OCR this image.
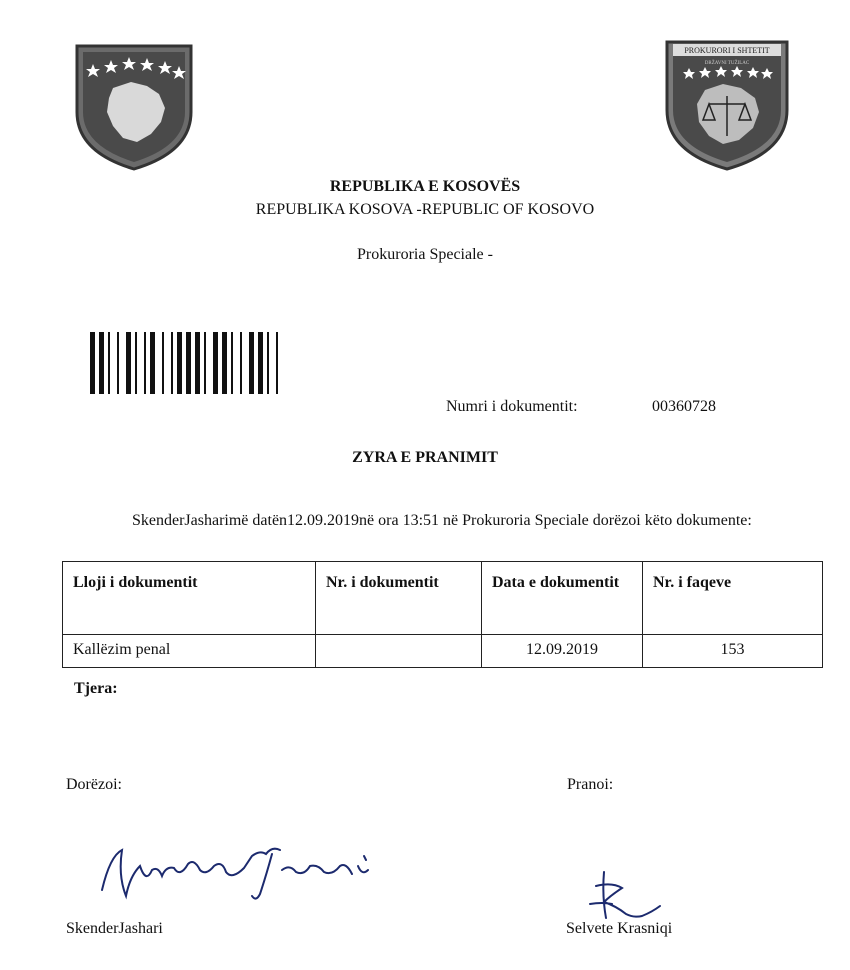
PROKURORI I SHTETIT
DRŽAVNI TUŽILAC
REPUBLIKA E KOSOVËS
REPUBLIKA KOSOVA -REPUBLIC OF KOSOVO
Prokuroria Speciale -
Numri i dokumentit:	00360728
ZYRA E PRANIMIT
SkenderJasharimë datën12.09.2019në ora 13:51 në Prokuroria Speciale dorëzoi këto dokumente:
Lloji i dokumentit	Nr. i dokumentit	Data e dokumentit	Nr. i faqeve
Kallëzim penal		12.09.2019	153
Tjera:
Dorëzoi:	Pranoi:
SkenderJashari	Selvete Krasniqi
